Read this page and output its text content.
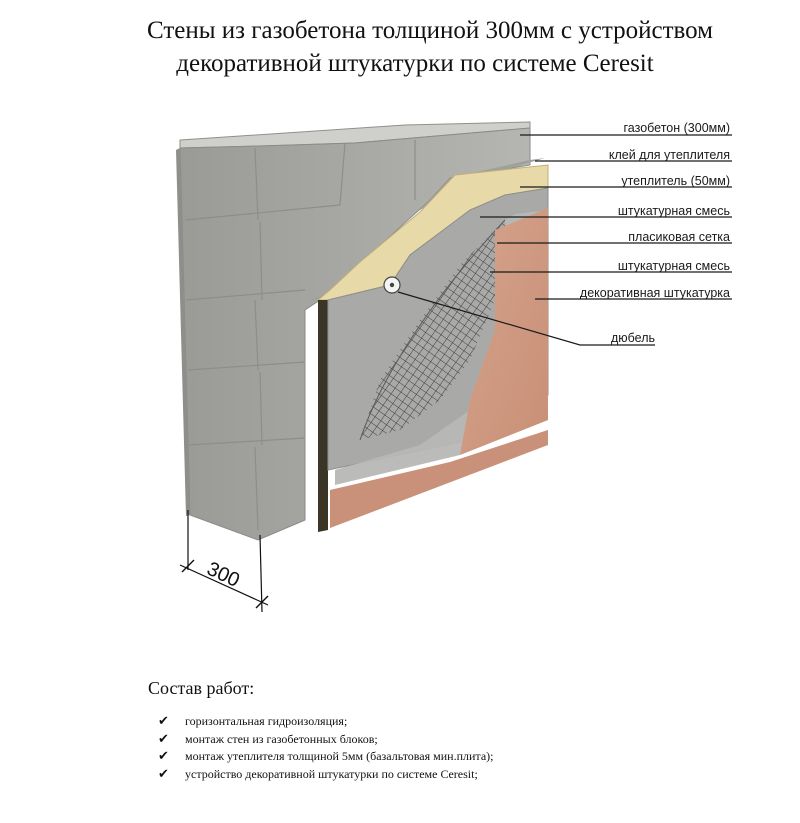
Стены из газобетона толщиной 300мм с устройством
декоративной штукатурки по системе Ceresit
газобетон (300мм)
клей для утеплителя
утеплитель (50мм)
штукатурная смесь
пласиковая сетка
штукатурная смесь
декоративная штукатурка
дюбель
300
Состав работ:
✔ горизонтальная гидроизоляция;
✔ монтаж стен из газобетонных блоков;
✔ монтаж утеплителя толщиной 5мм (базальтовая мин.плита);
✔ устройство декоративной штукатурки по системе Ceresit;
